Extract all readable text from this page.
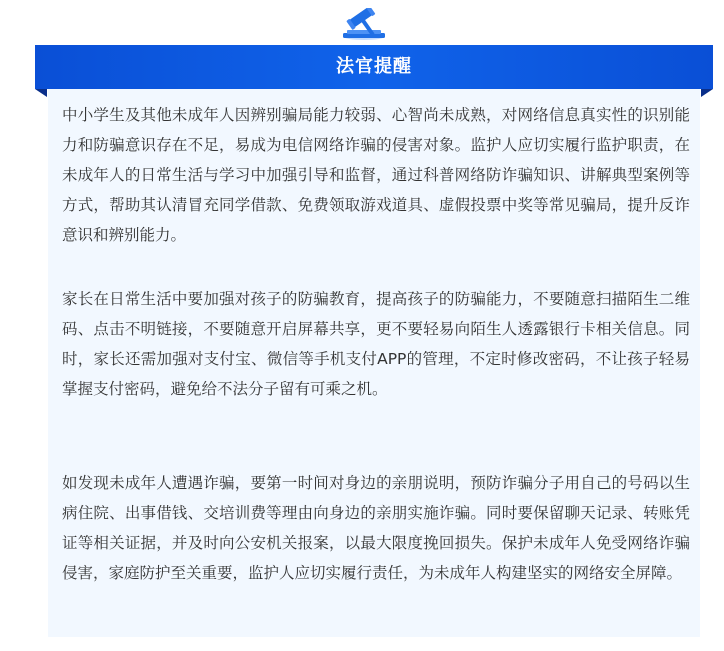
法官提醒

中小学生及其他未成年人因辨别骗局能力较弱、心智尚未成熟，对网络信息真实性的识别能力和防骗意识存在不足，易成为电信网络诈骗的侵害对象。监护人应切实履行监护职责，在未成年人的日常生活与学习中加强引导和监督，通过科普网络防诈骗知识、讲解典型案例等方式，帮助其认清冒充同学借款、免费领取游戏道具、虚假投票中奖等常见骗局，提升反诈意识和辨别能力。

家长在日常生活中要加强对孩子的防骗教育，提高孩子的防骗能力，不要随意扫描陌生二维码、点击不明链接，不要随意开启屏幕共享，更不要轻易向陌生人透露银行卡相关信息。同时，家长还需加强对支付宝、微信等手机支付APP的管理，不定时修改密码，不让孩子轻易掌握支付密码，避免给不法分子留有可乘之机。

如发现未成年人遭遇诈骗，要第一时间对身边的亲朋说明，预防诈骗分子用自己的号码以生病住院、出事借钱、交培训费等理由向身边的亲朋实施诈骗。同时要保留聊天记录、转账凭证等相关证据，并及时向公安机关报案，以最大限度挽回损失。保护未成年人免受网络诈骗侵害，家庭防护至关重要，监护人应切实履行责任，为未成年人构建坚实的网络安全屏障。
